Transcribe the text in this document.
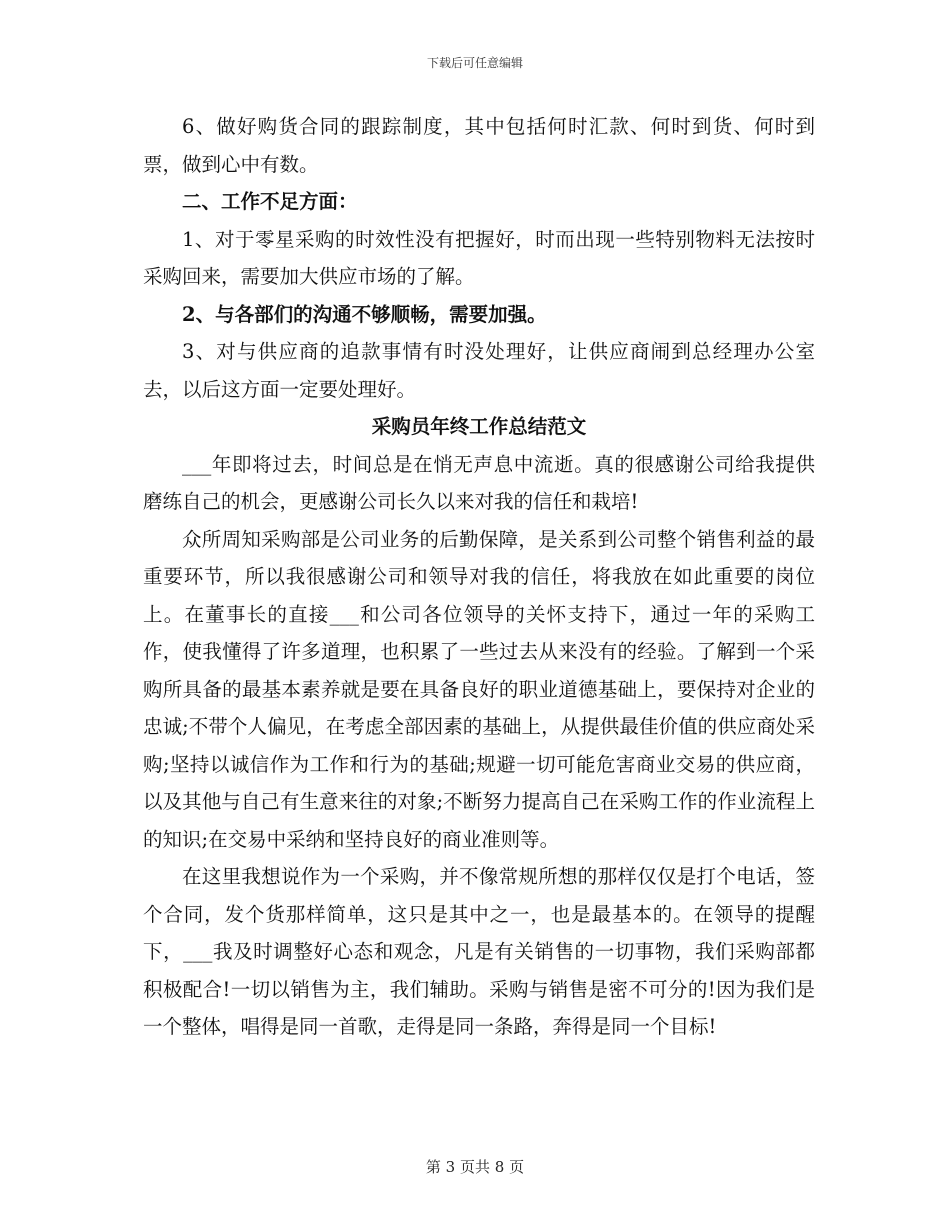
下载后可任意编辑

6、做好购货合同的跟踪制度，其中包括何时汇款、何时到货、何时到票，做到心中有数。

二、工作不足方面：

1、对于零星采购的时效性没有把握好，时而出现一些特别物料无法按时采购回来，需要加大供应市场的了解。

2、与各部们的沟通不够顺畅，需要加强。

3、对与供应商的追款事情有时没处理好，让供应商闹到总经理办公室去，以后这方面一定要处理好。

采购员年终工作总结范文

___年即将过去，时间总是在悄无声息中流逝。真的很感谢公司给我提供磨练自己的机会，更感谢公司长久以来对我的信任和栽培!

众所周知采购部是公司业务的后勤保障，是关系到公司整个销售利益的最重要环节，所以我很感谢公司和领导对我的信任，将我放在如此重要的岗位上。在董事长的直接___和公司各位领导的关怀支持下，通过一年的采购工作，使我懂得了许多道理，也积累了一些过去从来没有的经验。了解到一个采购所具备的最基本素养就是要在具备良好的职业道德基础上，要保持对企业的忠诚;不带个人偏见，在考虑全部因素的基础上，从提供最佳价值的供应商处采购;坚持以诚信作为工作和行为的基础;规避一切可能危害商业交易的供应商，以及其他与自己有生意来往的对象;不断努力提高自己在采购工作的作业流程上的知识;在交易中采纳和坚持良好的商业准则等。

在这里我想说作为一个采购，并不像常规所想的那样仅仅是打个电话，签个合同，发个货那样简单，这只是其中之一，也是最基本的。在领导的提醒下，___我及时调整好心态和观念，凡是有关销售的一切事物，我们采购部都积极配合!一切以销售为主，我们辅助。采购与销售是密不可分的!因为我们是一个整体，唱得是同一首歌，走得是同一条路，奔得是同一个目标!

第 3 页共 8 页
